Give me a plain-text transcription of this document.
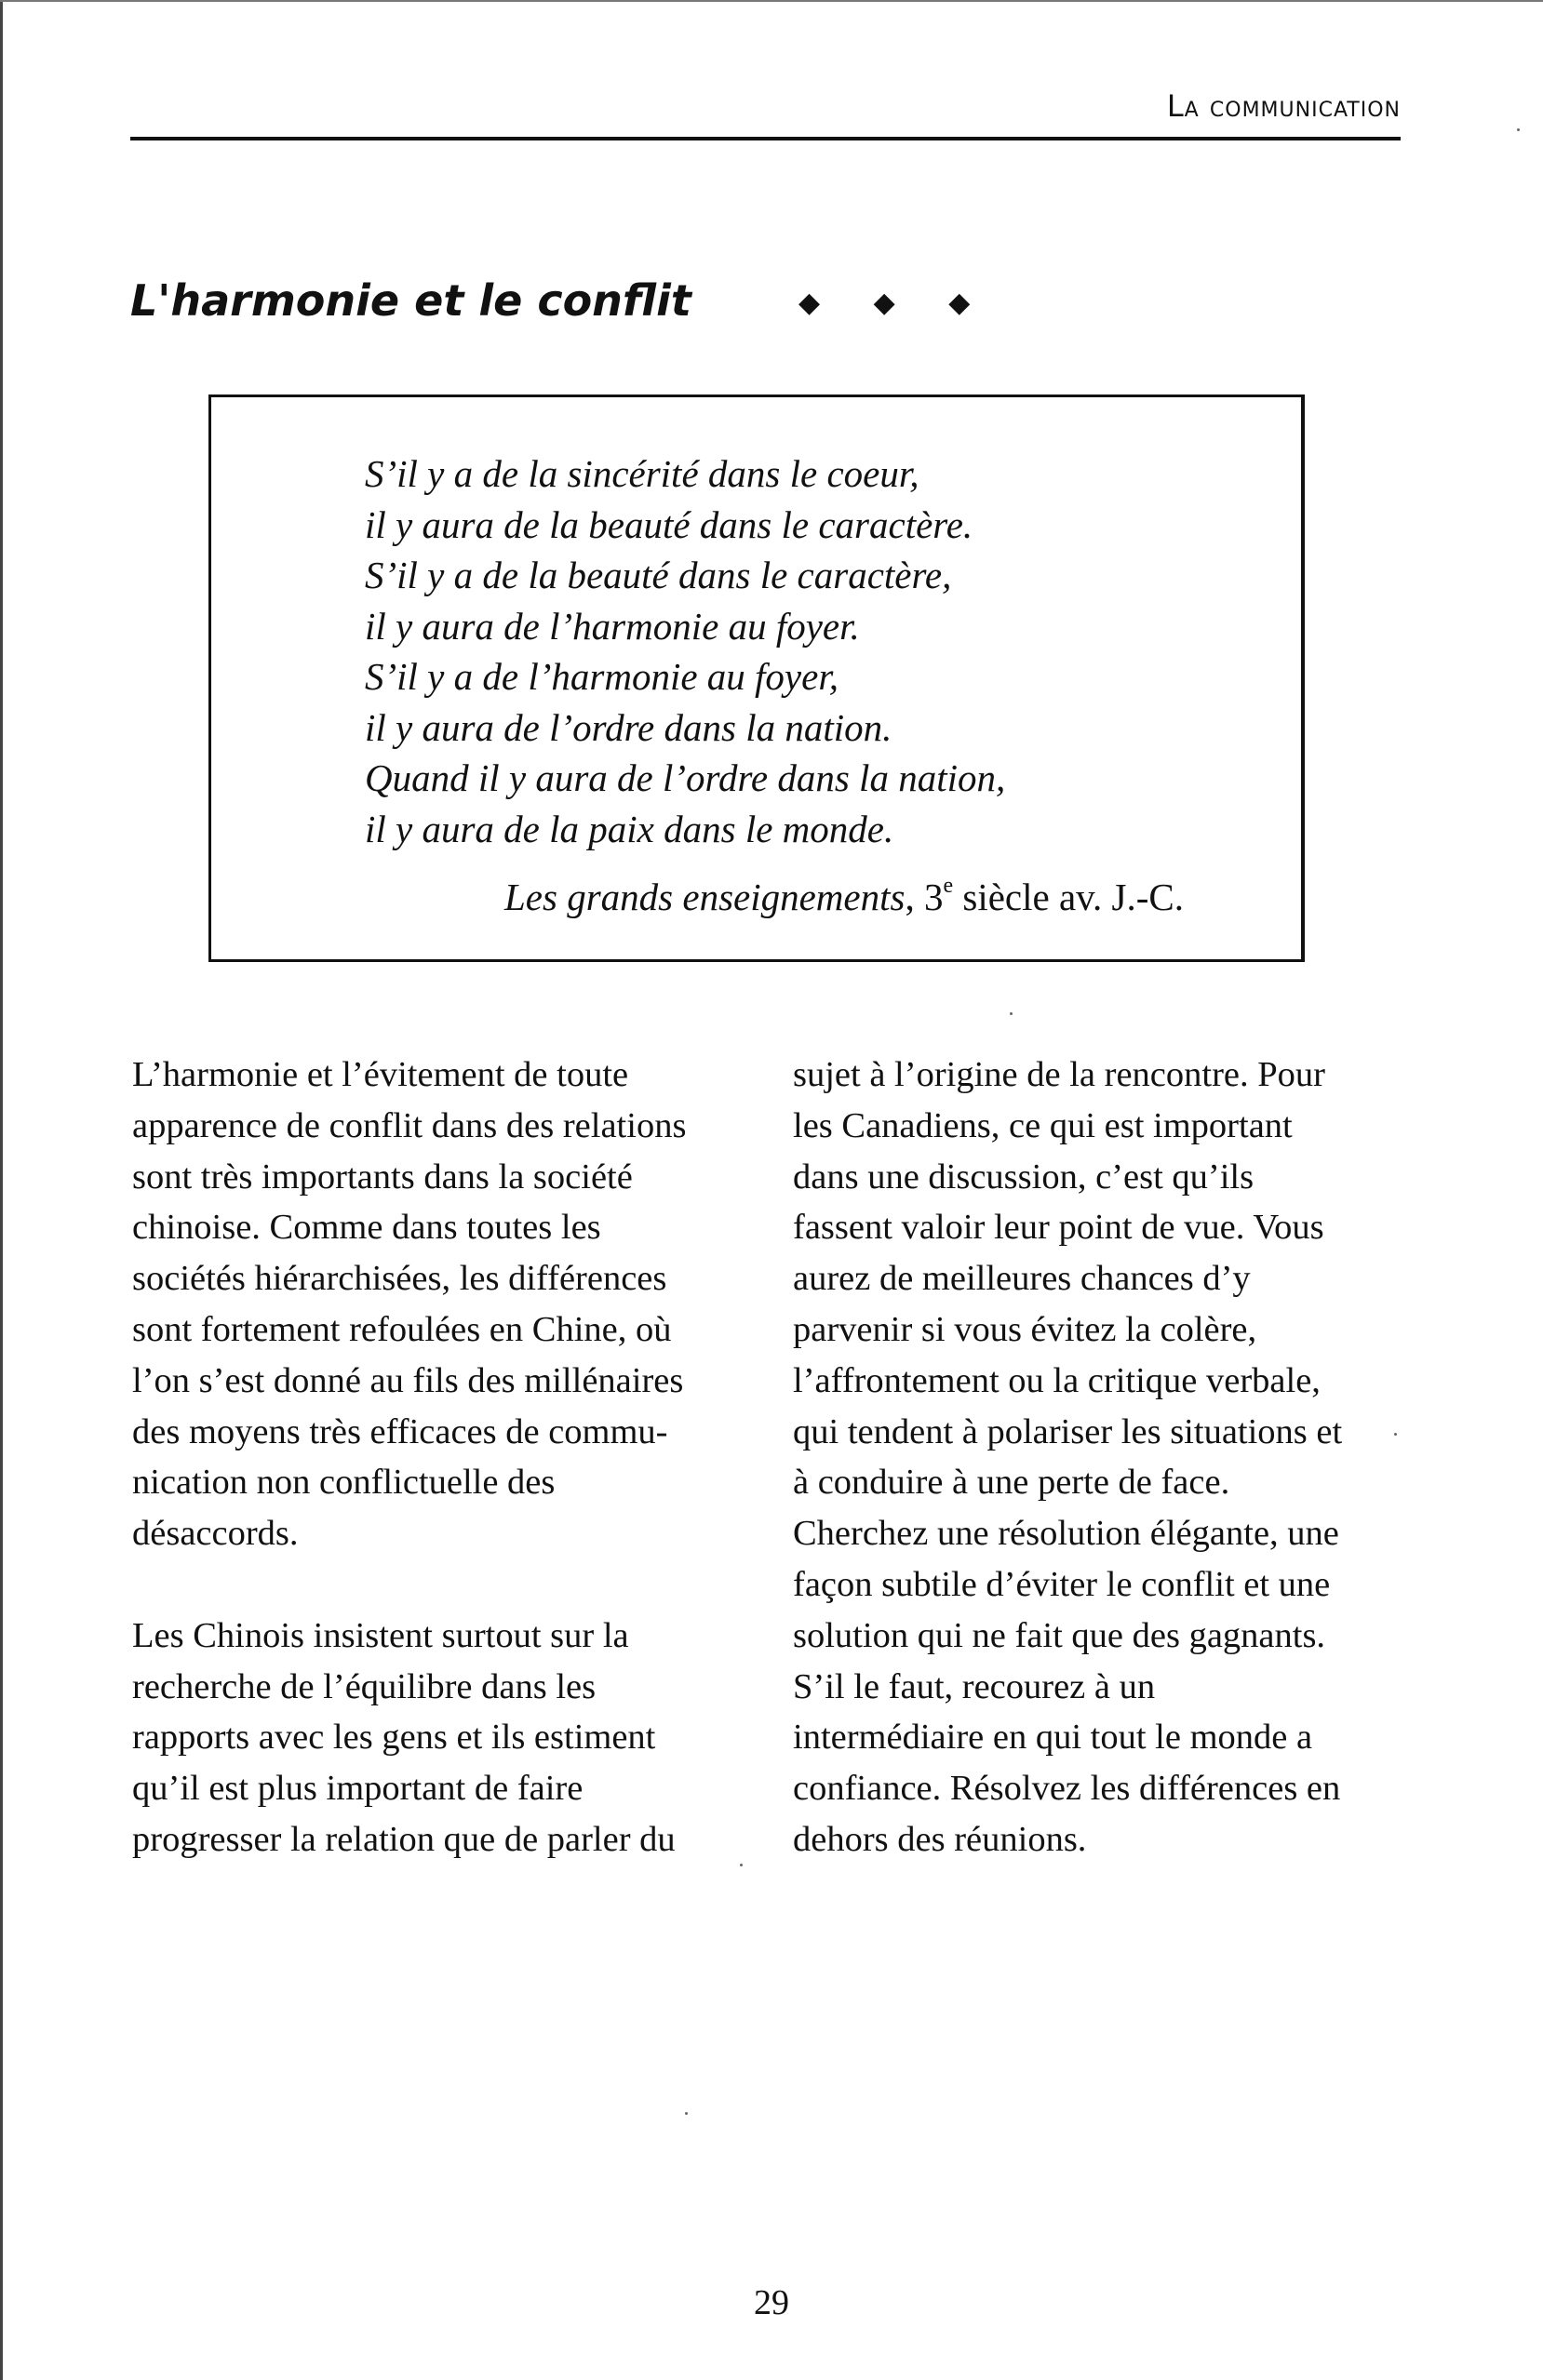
La communication
L'harmonie et le conflit	◆ ◆ ◆
S’il y a de la sincérité dans le coeur,
il y aura de la beauté dans le caractère.
S’il y a de la beauté dans le caractère,
il y aura de l’harmonie au foyer.
S’il y a de l’harmonie au foyer,
il y aura de l’ordre dans la nation.
Quand il y aura de l’ordre dans la nation,
il y aura de la paix dans le monde.
Les grands enseignements, 3e siècle av. J.-C.
L’harmonie et l’évitement de toute
apparence de conflit dans des relations
sont très importants dans la société
chinoise. Comme dans toutes les
sociétés hiérarchisées, les différences
sont fortement refoulées en Chine, où
l’on s’est donné au fils des millénaires
des moyens très efficaces de commu-
nication non conflictuelle des
désaccords.
Les Chinois insistent surtout sur la
recherche de l’équilibre dans les
rapports avec les gens et ils estiment
qu’il est plus important de faire
progresser la relation que de parler du
sujet à l’origine de la rencontre. Pour
les Canadiens, ce qui est important
dans une discussion, c’est qu’ils
fassent valoir leur point de vue. Vous
aurez de meilleures chances d’y
parvenir si vous évitez la colère,
l’affrontement ou la critique verbale,
qui tendent à polariser les situations et
à conduire à une perte de face.
Cherchez une résolution élégante, une
façon subtile d’éviter le conflit et une
solution qui ne fait que des gagnants.
S’il le faut, recourez à un
intermédiaire en qui tout le monde a
confiance. Résolvez les différences en
dehors des réunions.
29
